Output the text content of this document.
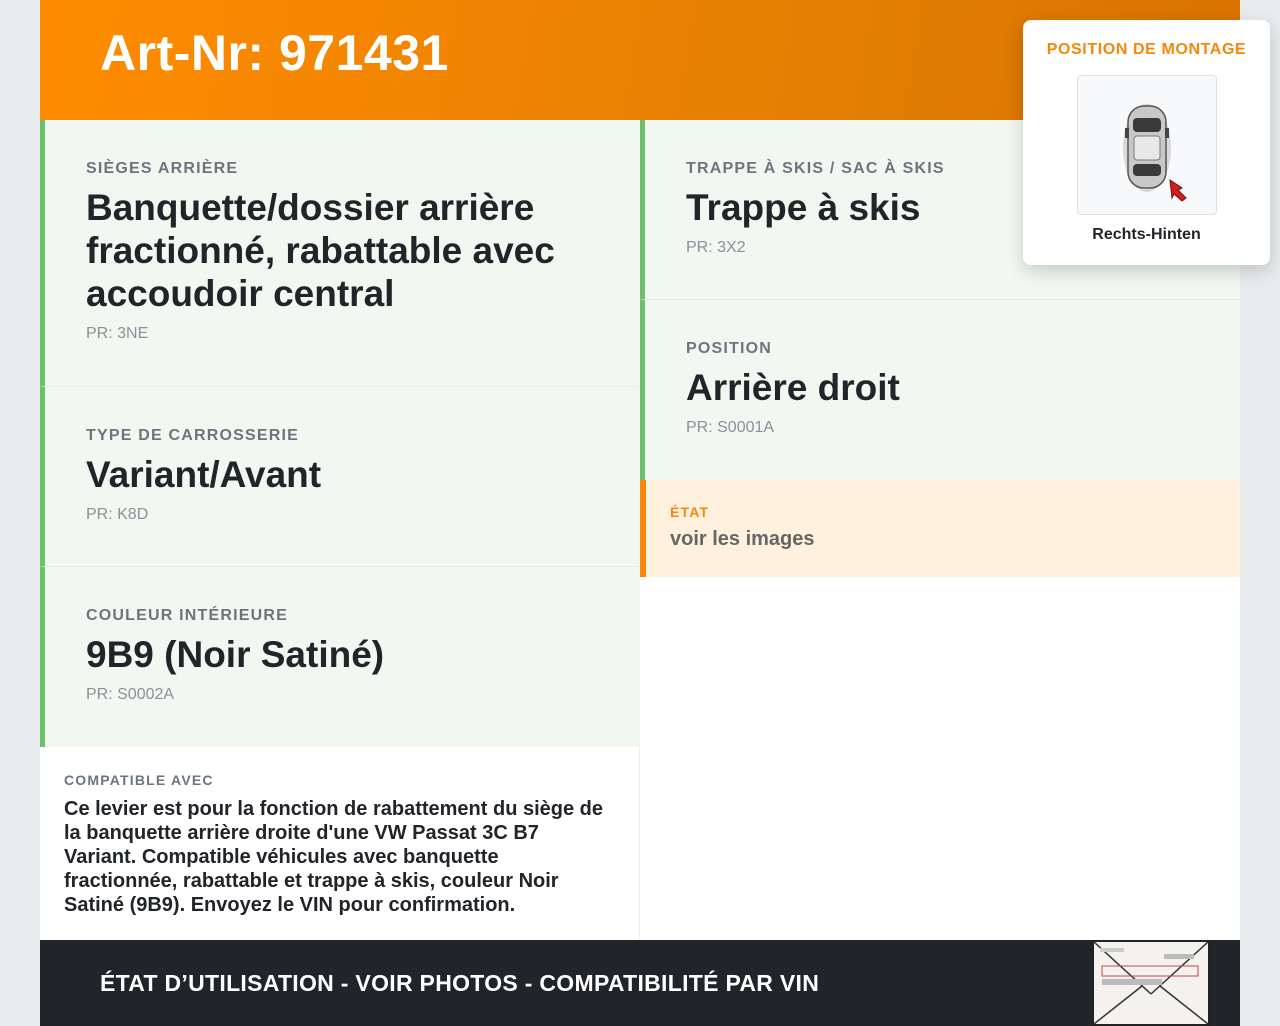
Art-Nr: 971431
SIÈGES ARRIÈRE
Banquette/dossier arrière fractionné, rabattable avec accoudoir central
PR: 3NE
TYPE DE CARROSSERIE
Variant/Avant
PR: K8D
COULEUR INTÉRIEURE
9B9 (Noir Satiné)
PR: S0002A
TRAPPE À SKIS / SAC À SKIS
Trappe à skis
PR: 3X2
POSITION
Arrière droit
PR: S0001A
ÉTAT
voir les images
COMPATIBLE AVEC
Ce levier est pour la fonction de rabattement du siège de la banquette arrière droite d'une VW Passat 3C B7 Variant. Compatible véhicules avec banquette fractionnée, rabattable et trappe à skis, couleur Noir Satiné (9B9). Envoyez le VIN pour confirmation.
ÉTAT D’UTILISATION - VOIR PHOTOS - COMPATIBILITÉ PAR VIN
POSITION DE MONTAGE
Rechts-Hinten
